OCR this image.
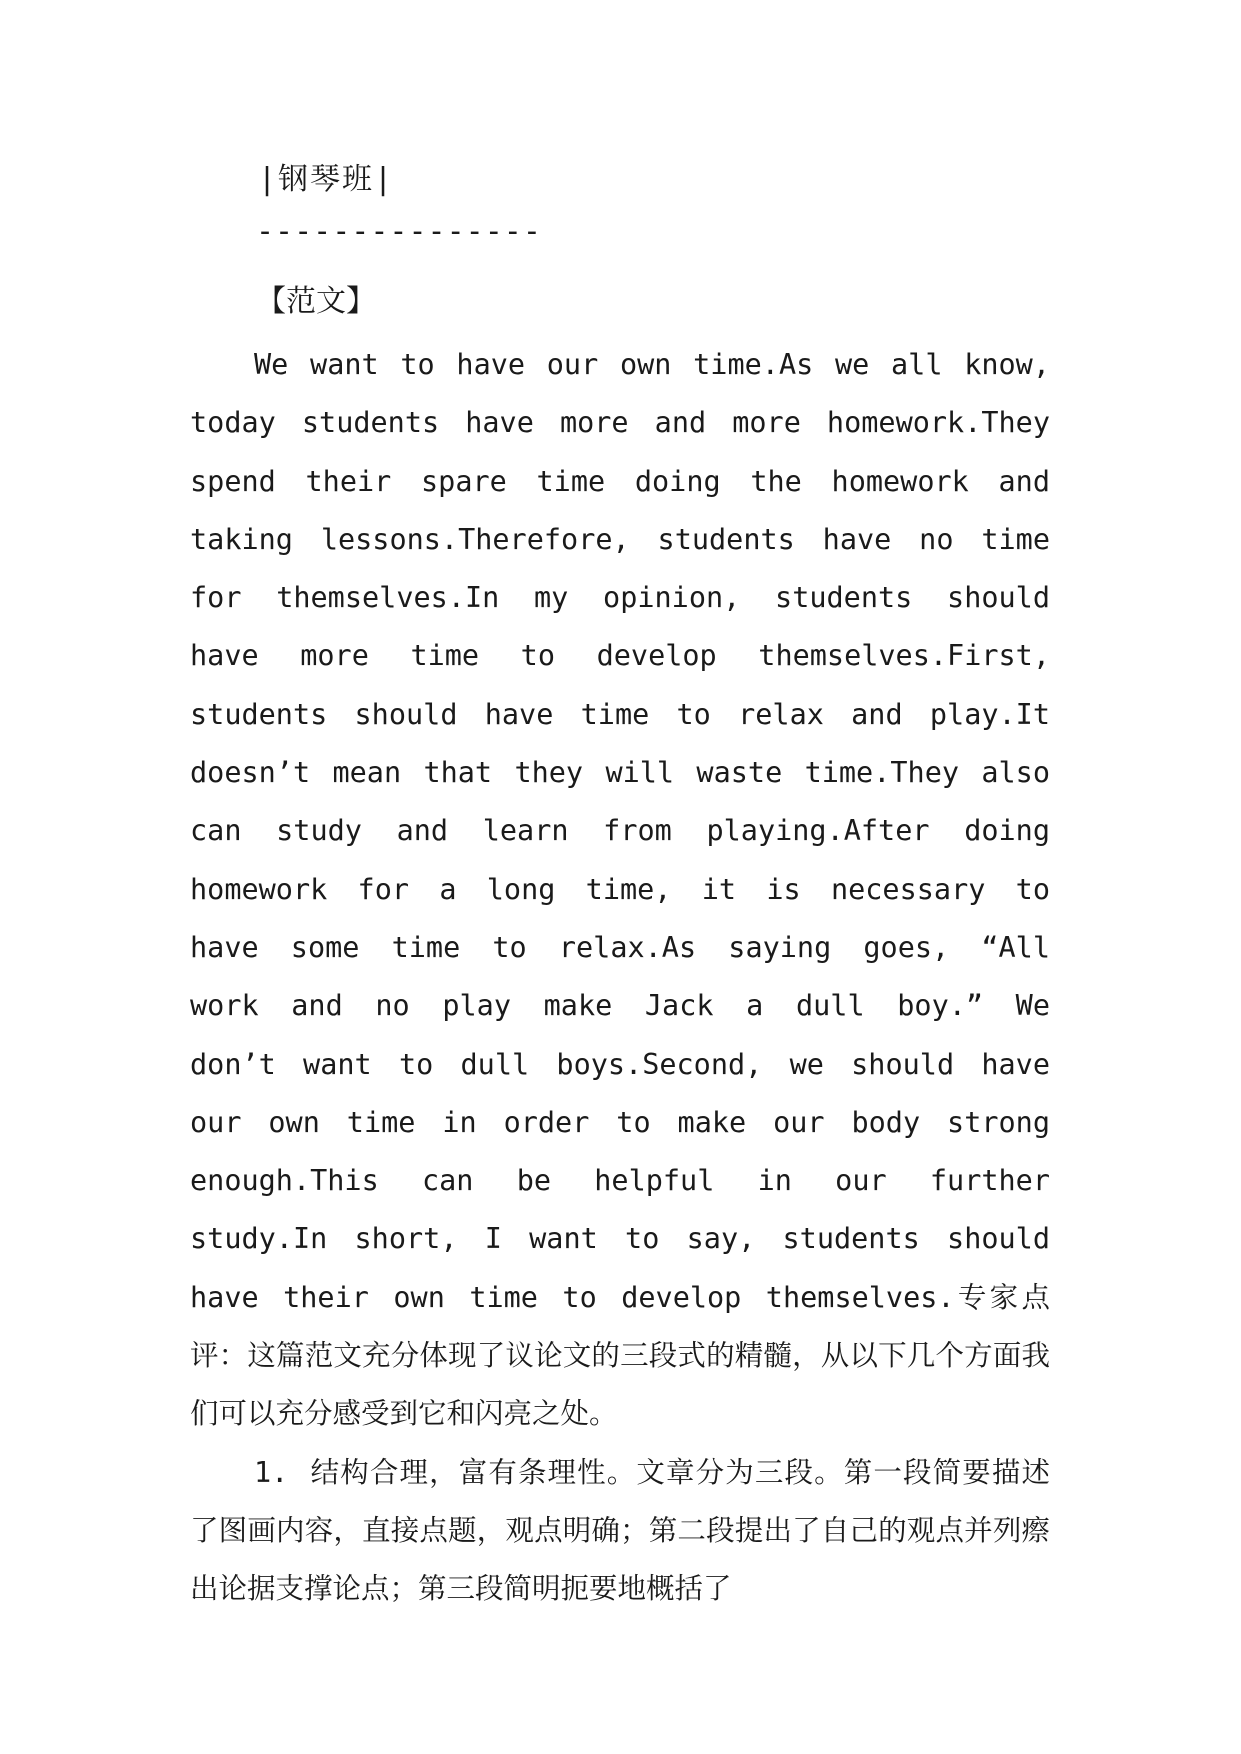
|钢琴班|
---------------
【范文】

We want to have our own time.As we all know, today students have more and more homework.They spend their spare time doing the homework and taking lessons.Therefore, students have no time for themselves.In my opinion, students should have more time to develop themselves.First, students should have time to relax and play.It doesn’t mean that they will waste time.They also can study and learn from playing.After doing homework for a long time, it is necessary to have some time to relax.As saying goes, “All work and no play make Jack a dull boy.” We don’t want to dull boys.Second, we should have our own time in order to make our body strong enough.This can be helpful in our further study.In short, I want to say, students should have their own time to develop themselves.专家点评：这篇范文充分体现了议论文的三段式的精髓，从以下几个方面我们可以充分感受到它和闪亮之处。

1. 结构合理，富有条理性。文章分为三段。第一段简要描述了图画内容，直接点题，观点明确；第二段提出了自己的观点并列瘵出论据支撑论点；第三段简明扼要地概括了
